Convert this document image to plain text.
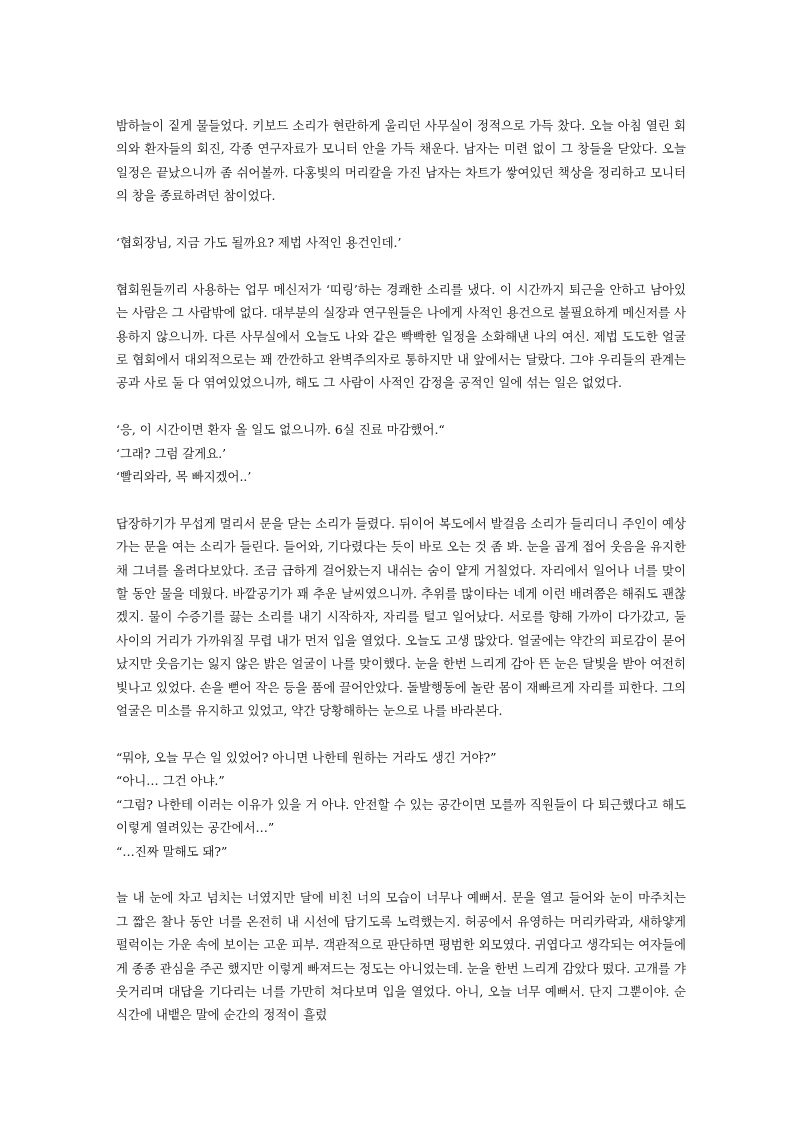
밤하늘이 짙게 물들었다. 키보드 소리가 현란하게 울리던 사무실이 정적으로 가득 찼다. 오늘 아침 열린 회의와 환자들의 회진, 각종 연구자료가 모니터 안을 가득 채운다. 남자는 미련 없이 그 창들을 닫았다. 오늘 일정은 끝났으니까 좀 쉬어볼까. 다홍빛의 머리칼을 가진 남자는 차트가 쌓여있던 책상을 정리하고 모니터의 창을 종료하려던 참이었다.

‘협회장님, 지금 가도 될까요? 제법 사적인 용건인데.’

협회원들끼리 사용하는 업무 메신저가 ‘띠링’하는 경쾌한 소리를 냈다. 이 시간까지 퇴근을 안하고 남아있는 사람은 그 사람밖에 없다. 대부분의 실장과 연구원들은 나에게 사적인 용건으로 불필요하게 메신저를 사용하지 않으니까. 다른 사무실에서 오늘도 나와 같은 빡빡한 일정을 소화해낸 나의 여신. 제법 도도한 얼굴로 협회에서 대외적으로는 꽤 깐깐하고 완벽주의자로 통하지만 내 앞에서는 달랐다. 그야 우리들의 관계는 공과 사로 둘 다 엮여있었으니까, 해도 그 사람이 사적인 감정을 공적인 일에 섞는 일은 없었다.

‘응, 이 시간이면 환자 올 일도 없으니까. 6실 진료 마감했어.“
‘그래? 그럼 갈게요.’
‘빨리와라, 목 빠지겠어..’

답장하기가 무섭게 멀리서 문을 닫는 소리가 들렸다. 뒤이어 복도에서 발걸음 소리가 들리더니 주인이 예상가는 문을 여는 소리가 들린다. 들어와, 기다렸다는 듯이 바로 오는 것 좀 봐. 눈을 곱게 접어 웃음을 유지한 채 그녀를 올려다보았다. 조금 급하게 걸어왔는지 내쉬는 숨이 얕게 거칠었다. 자리에서 일어나 너를 맞이할 동안 물을 데웠다. 바깥공기가 꽤 추운 날씨였으니까. 추위를 많이타는 네게 이런 배려쯤은 해줘도 괜찮겠지. 물이 수증기를 끓는 소리를 내기 시작하자, 자리를 털고 일어났다. 서로를 향해 가까이 다가갔고, 둘 사이의 거리가 가까워질 무렵 내가 먼저 입을 열었다. 오늘도 고생 많았다. 얼굴에는 약간의 피로감이 묻어났지만 웃음기는 잃지 않은 밝은 얼굴이 나를 맞이했다. 눈을 한번 느리게 감아 뜬 눈은 달빛을 받아 여전히 빛나고 있었다. 손을 뻗어 작은 등을 품에 끌어안았다. 돌발행동에 놀란 몸이 재빠르게 자리를 피한다. 그의 얼굴은 미소를 유지하고 있었고, 약간 당황해하는 눈으로 나를 바라본다.

“뭐야, 오늘 무슨 일 있었어? 아니면 나한테 원하는 거라도 생긴 거야?”
“아니… 그건 아냐.”
“그럼? 나한테 이러는 이유가 있을 거 아냐. 안전할 수 있는 공간이면 모를까 직원들이 다 퇴근했다고 해도 이렇게 열려있는 공간에서…”
“…진짜 말해도 돼?”

늘 내 눈에 차고 넘치는 너였지만 달에 비친 너의 모습이 너무나 예뻐서. 문을 열고 들어와 눈이 마주치는 그 짧은 찰나 동안 너를 온전히 내 시선에 담기도록 노력했는지. 허공에서 유영하는 머리카락과, 새하얗게 펄럭이는 가운 속에 보이는 고운 피부. 객관적으로 판단하면 평범한 외모였다. 귀엽다고 생각되는 여자들에게 종종 관심을 주곤 했지만 이렇게 빠져드는 정도는 아니었는데. 눈을 한번 느리게 감았다 떴다. 고개를 갸웃거리며 대답을 기다리는 너를 가만히 쳐다보며 입을 열었다. 아니, 오늘 너무 예뻐서. 단지 그뿐이야. 순식간에 내뱉은 말에 순간의 정적이 흘렀
